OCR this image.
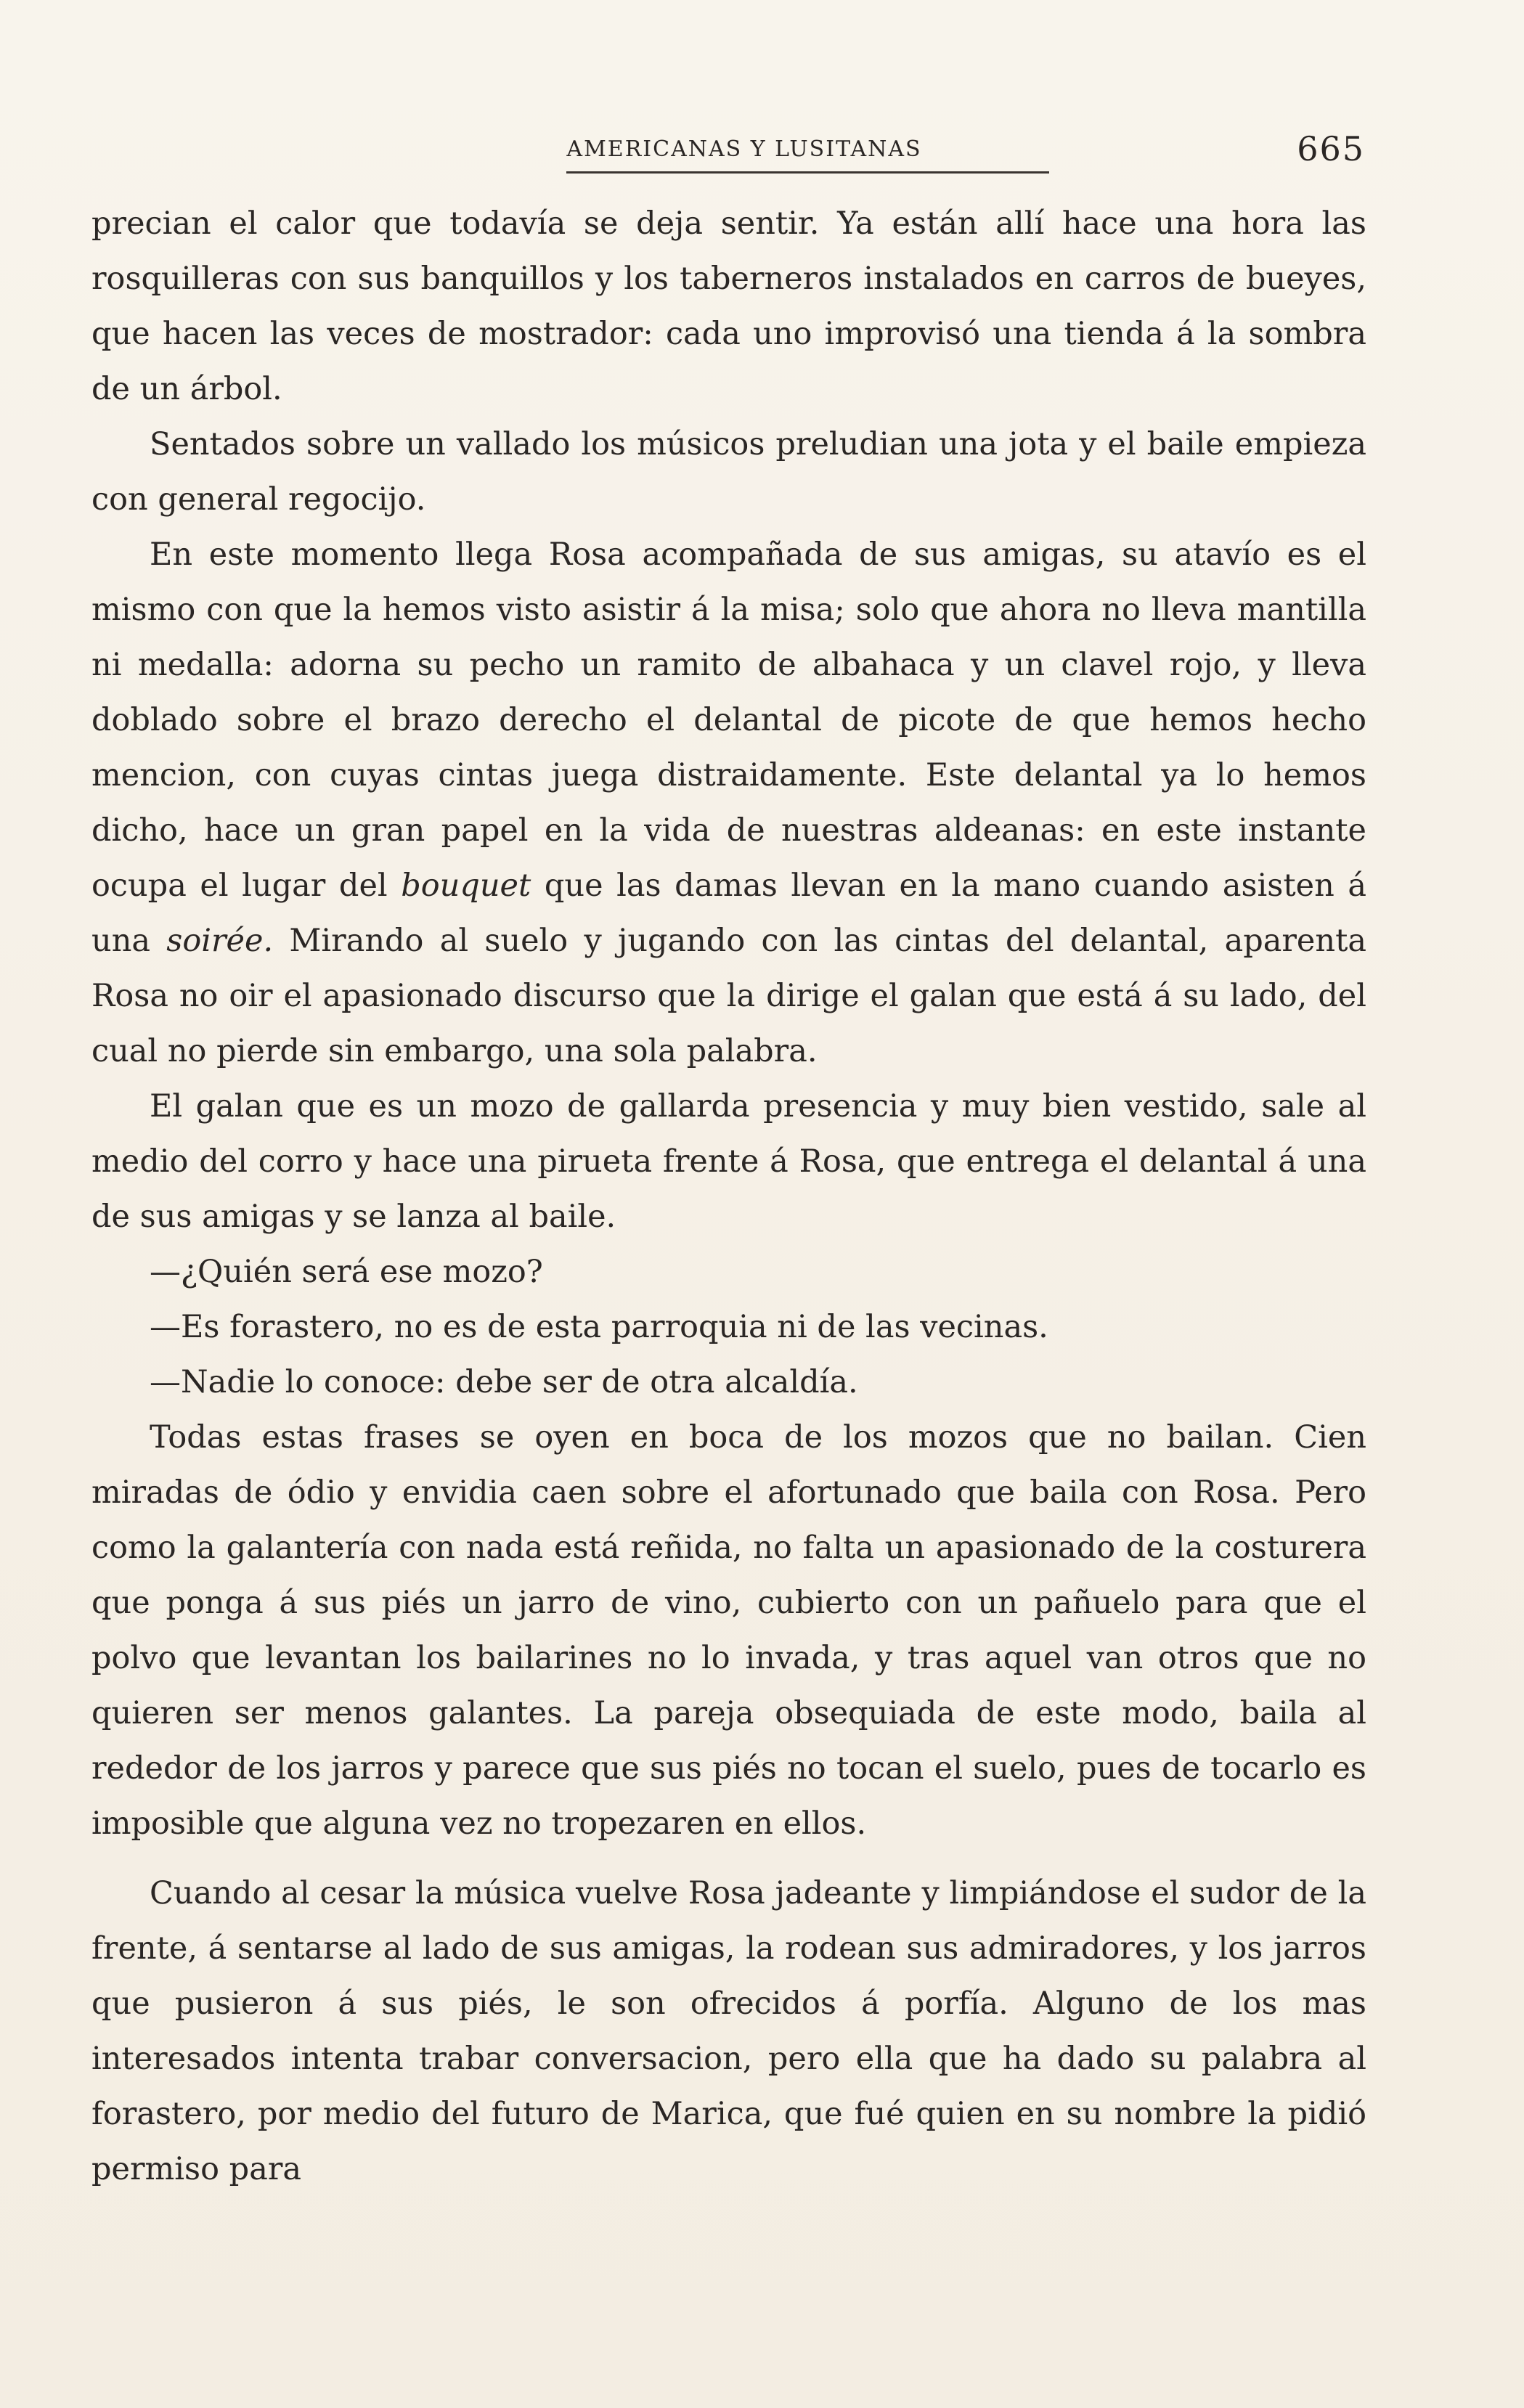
AMERICANAS Y LUSITANAS	665

precian el calor que todavía se deja sentir. Ya están allí hace una hora las rosquilleras con sus banquillos y los taberneros instalados en carros de bueyes, que hacen las veces de mostrador: cada uno improvisó una tienda á la sombra de un árbol.

Sentados sobre un vallado los músicos preludian una jota y el baile empieza con general regocijo.

En este momento llega Rosa acompañada de sus amigas, su atavío es el mismo con que la hemos visto asistir á la misa; solo que ahora no lleva mantilla ni medalla: adorna su pecho un ramito de albahaca y un clavel rojo, y lleva doblado sobre el brazo derecho el delantal de picote de que hemos hecho mencion, con cuyas cintas juega distraidamente. Este delantal ya lo hemos dicho, hace un gran papel en la vida de nuestras aldeanas: en este instante ocupa el lugar del bouquet que las damas llevan en la mano cuando asisten á una soirée. Mirando al suelo y jugando con las cintas del delantal, aparenta Rosa no oir el apasionado discurso que la dirige el galan que está á su lado, del cual no pierde sin embargo, una sola palabra.

El galan que es un mozo de gallarda presencia y muy bien vestido, sale al medio del corro y hace una pirueta frente á Rosa, que entrega el delantal á una de sus amigas y se lanza al baile.

—¿Quién será ese mozo?

—Es forastero, no es de esta parroquia ni de las vecinas.

—Nadie lo conoce: debe ser de otra alcaldía.

Todas estas frases se oyen en boca de los mozos que no bailan. Cien miradas de ódio y envidia caen sobre el afortunado que baila con Rosa. Pero como la galantería con nada está reñida, no falta un apasionado de la costurera que ponga á sus piés un jarro de vino, cubierto con un pañuelo para que el polvo que levantan los bailarines no lo invada, y tras aquel van otros que no quieren ser menos galantes. La pareja obsequiada de este modo, baila al rededor de los jarros y parece que sus piés no tocan el suelo, pues de tocarlo es imposible que alguna vez no tropezaren en ellos.

Cuando al cesar la música vuelve Rosa jadeante y limpiándose el sudor de la frente, á sentarse al lado de sus amigas, la rodean sus admiradores, y los jarros que pusieron á sus piés, le son ofrecidos á porfía. Alguno de los mas interesados intenta trabar conversacion, pero ella que ha dado su palabra al forastero, por medio del futuro de Marica, que fué quien en su nombre la pidió permiso para
